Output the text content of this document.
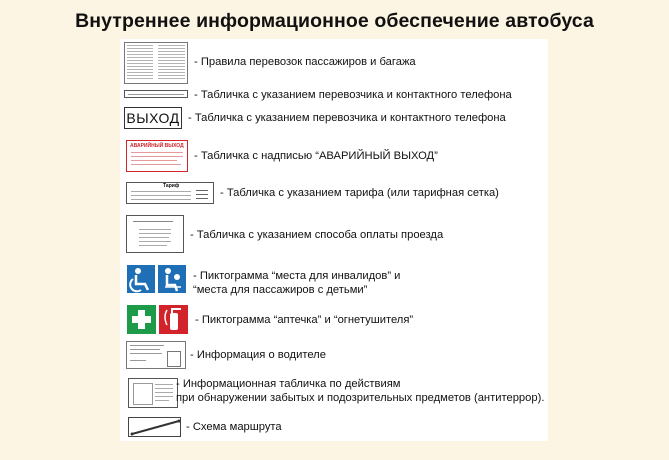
Внутреннее информационное обеспечение автобуса
- Правила перевозок пассажиров и багажа
- Табличка с указанием перевозчика и контактного телефона
ВЫХОД - Табличка с указанием перевозчика и контактного телефона
АВАРИЙНЫЙ ВЫХОД
- Табличка с надписью “АВАРИЙНЫЙ ВЫХОД”
Тариф
- Табличка с указанием тарифа (или тарифная сетка)
- Табличка с указанием способа оплаты проезда
- Пиктограмма “места для инвалидов” и
“места для пассажиров с детьми”
- Пиктограмма “аптечка” и “огнетушителя”
- Информация о водителе
- Информационная табличка по действиям
при обнаружении забытых и подозрительных предметов (антитеррор).
- Схема маршрута
